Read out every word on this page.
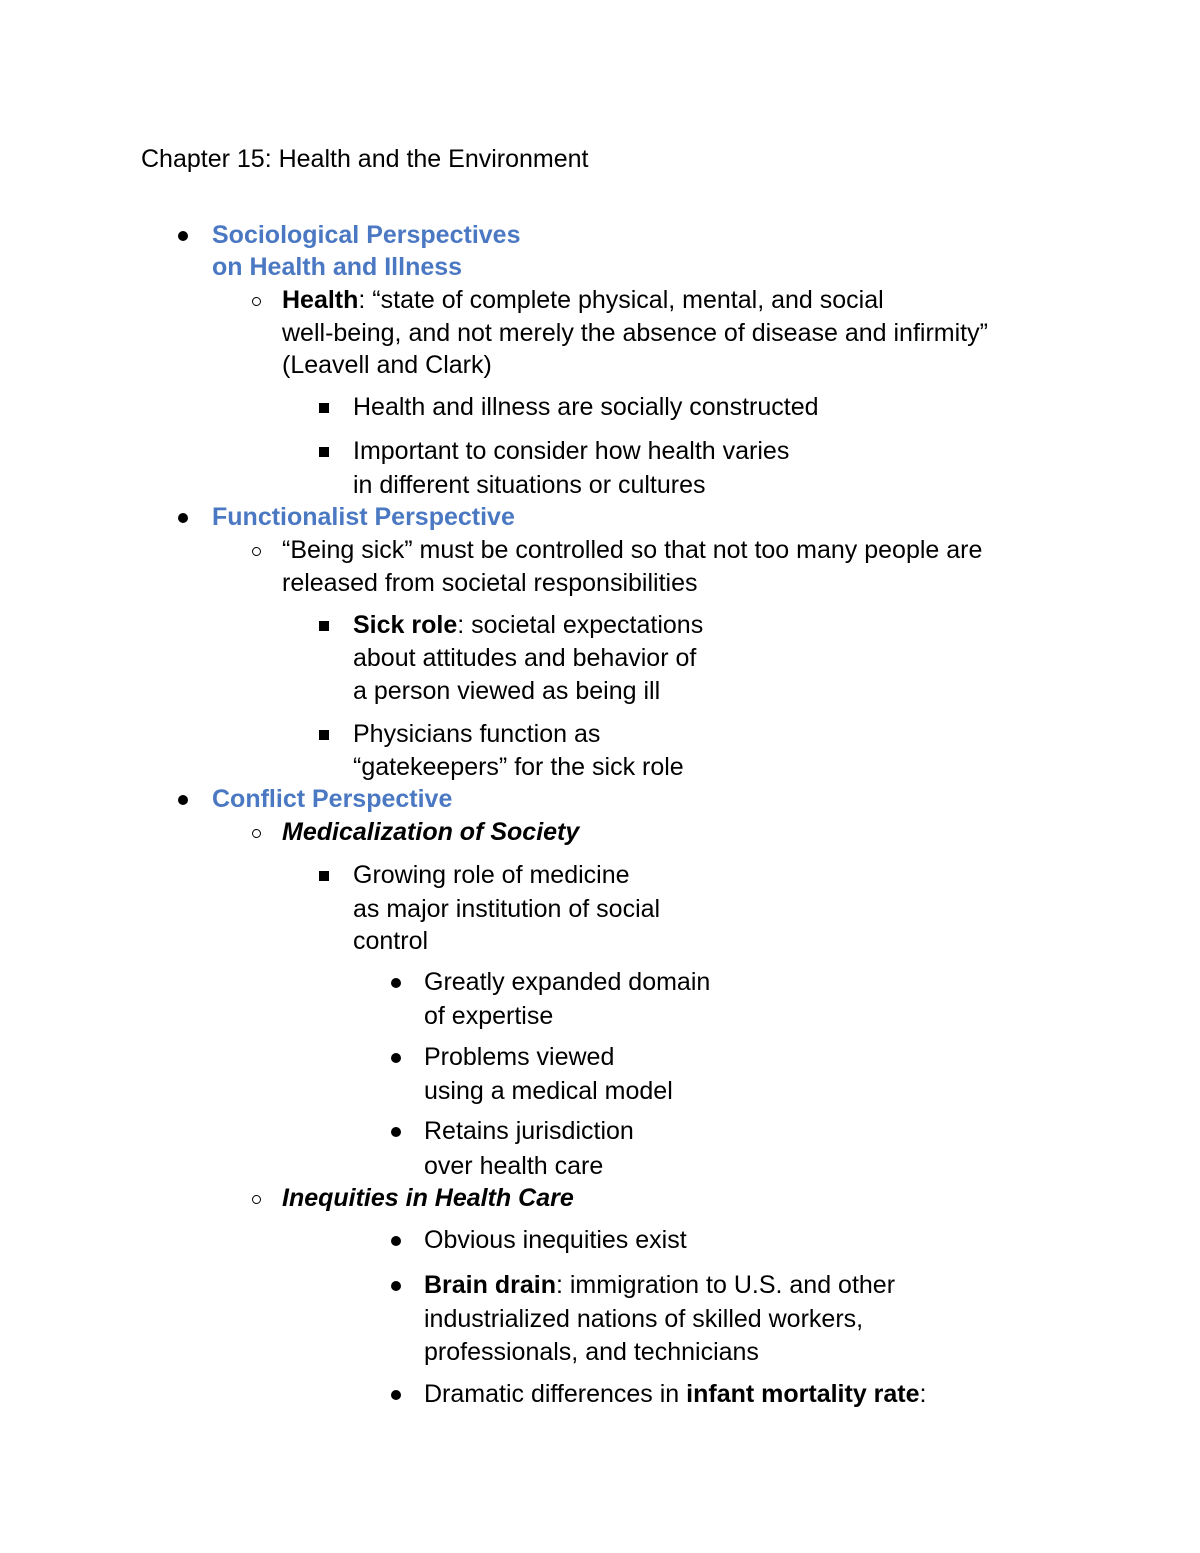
Chapter 15: Health and the Environment
Sociological Perspectives
on Health and Illness
Health: “state of complete physical, mental, and social
well-being, and not merely the absence of disease and infirmity”
(Leavell and Clark)
Health and illness are socially constructed
Important to consider how health varies
in different situations or cultures
Functionalist Perspective
“Being sick” must be controlled so that not too many people are
released from societal responsibilities
Sick role: societal expectations
about attitudes and behavior of
a person viewed as being ill
Physicians function as
“gatekeepers” for the sick role
Conflict Perspective
Medicalization of Society
Growing role of medicine
as major institution of social
control
Greatly expanded domain
of expertise
Problems viewed
using a medical model
Retains jurisdiction
over health care
Inequities in Health Care
Obvious inequities exist
Brain drain: immigration to U.S. and other
industrialized nations of skilled workers,
professionals, and technicians
Dramatic differences in infant mortality rate:
